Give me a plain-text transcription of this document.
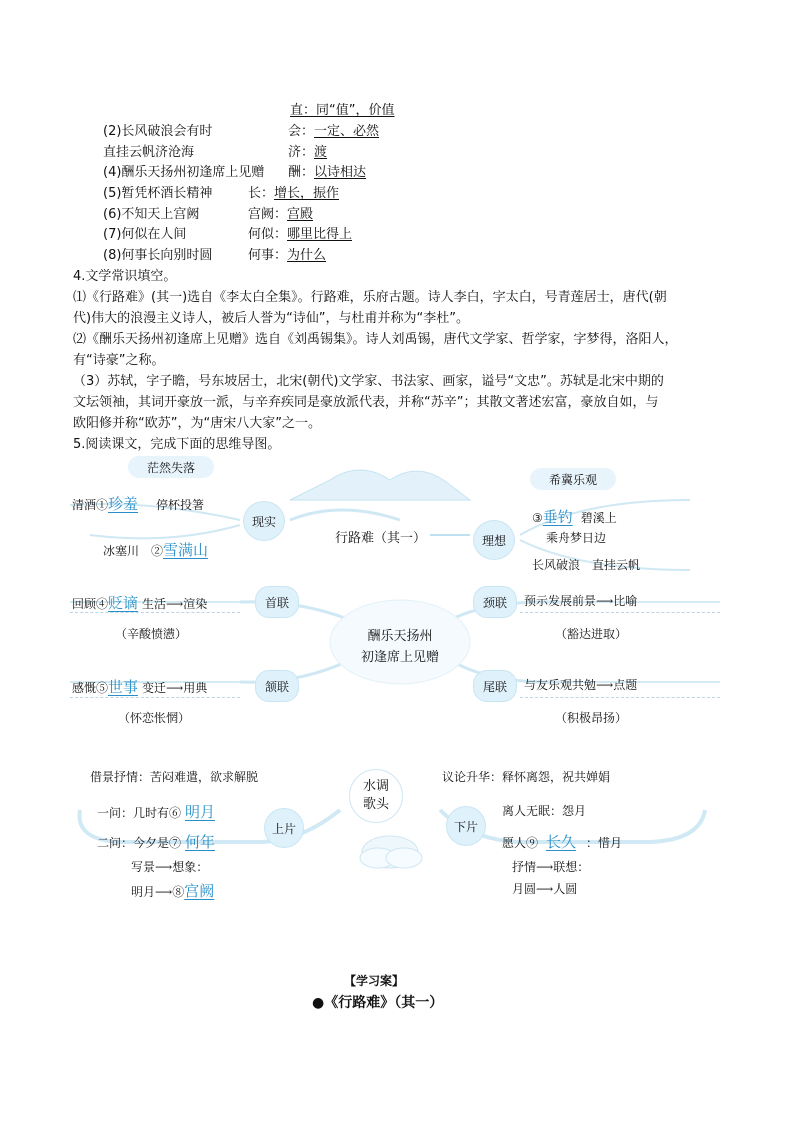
直：同“值”，价值
(2)长风破浪会有时	会：一定、必然
直挂云帆济沧海	济：渡
(4)酬乐天扬州初逢席上见赠 酬：以诗相达
(5)暂凭杯酒长精神	长：增长，振作
(6)不知天上宫阙	宫阙：宫殿
(7)何似在人间	何似：哪里比得上
(8)何事长向别时圆	何事：为什么
4.文学常识填空。
⑴《行路难》(其一)选自《李太白全集》。行路难，乐府古题。诗人李白，字太白，号青莲居士，唐代(朝
代)伟大的浪漫主义诗人，被后人誉为“诗仙”，与杜甫并称为“李杜”。
⑵《酬乐天扬州初逢席上见赠》选自《刘禹锡集》。诗人刘禹锡，唐代文学家、哲学家，字梦得，洛阳人，
有“诗豪”之称。
（3）苏轼，字子瞻，号东坡居士，北宋(朝代)文学家、书法家、画家，谥号“文忠”。苏轼是北宋中期的
文坛领袖，其词开豪放一派，与辛弃疾同是豪放派代表，并称“苏辛”；其散文著述宏富，豪放自如，与
欧阳修并称“欧苏”，为“唐宋八大家”之一。
5.阅读课文，完成下面的思维导图。
茫然失落
希冀乐观
行路难（其一）
现实
理想
清酒①珍羞 停杯投箸
冰塞川　②雪满山
③垂钓 碧溪上
乘舟梦日边
长风破浪　直挂云帆
酬乐天扬州
初逢席上见赠
首联
颔联
颈联
尾联
回顾④贬谪 生活⟶渲染
（辛酸愤懑）
感慨⑤世事 变迁⟶用典
（怀恋怅惘）
预示发展前景⟶比喻
（豁达进取）
与友乐观共勉⟶点题
（积极昂扬）
水调
歌头
上片	下片
借景抒情：苦闷难遣，欲求解脱
一问：几时有⑥ 明月
二问：今夕是⑦ 何年
写景⟶想象：
明月⟶⑧宫阙
议论升华：释怀离怨，祝共婵娟
离人无眠：怨月
愿人⑨ 长久 ：惜月
抒情⟶联想：
月圆⟶人圆
【学习案】
●《行路难》（其一）
